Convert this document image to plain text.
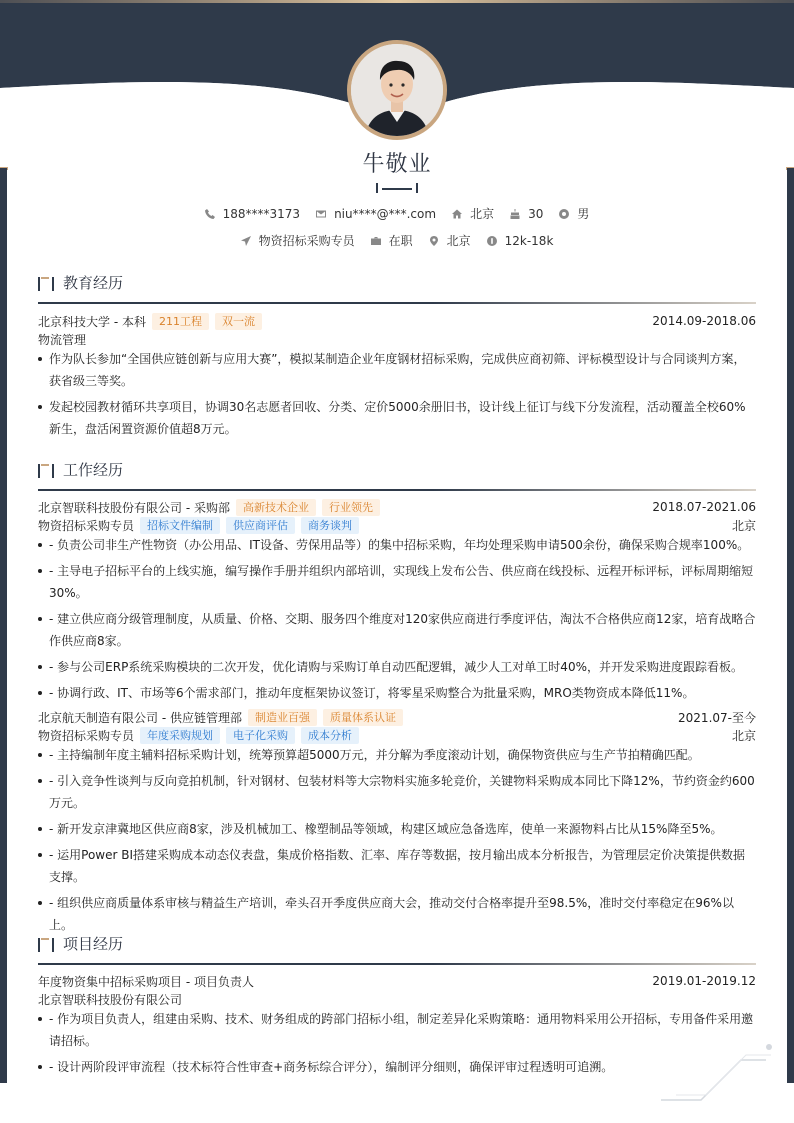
牛敬业
188****3173	niu****@***.com	北京	30	男
物资招标采购专员	在职	北京	12k-18k
教育经历
北京科技大学 - 本科	211工程	双一流	2014.09-2018.06
物流管理
作为队长参加“全国供应链创新与应用大赛”，模拟某制造企业年度钢材招标采购，完成供应商初筛、评标模型设计与合同谈判方案，获省级三等奖。
发起校园教材循环共享项目，协调30名志愿者回收、分类、定价5000余册旧书，设计线上征订与线下分发流程，活动覆盖全校60%新生，盘活闲置资源价值超8万元。
工作经历
北京智联科技股份有限公司 - 采购部	高新技术企业	行业领先	2018.07-2021.06
物资招标采购专员	招标文件编制	供应商评估	商务谈判	北京
- 负责公司非生产性物资（办公用品、IT设备、劳保用品等）的集中招标采购，年均处理采购申请500余份，确保采购合规率100%。
- 主导电子招标平台的上线实施，编写操作手册并组织内部培训，实现线上发布公告、供应商在线投标、远程开标评标，评标周期缩短30%。
- 建立供应商分级管理制度，从质量、价格、交期、服务四个维度对120家供应商进行季度评估，淘汰不合格供应商12家，培育战略合作供应商8家。
- 参与公司ERP系统采购模块的二次开发，优化请购与采购订单自动匹配逻辑，减少人工对单工时40%，并开发采购进度跟踪看板。
- 协调行政、IT、市场等6个需求部门，推动年度框架协议签订，将零星采购整合为批量采购，MRO类物资成本降低11%。
北京航天制造有限公司 - 供应链管理部	制造业百强	质量体系认证	2021.07-至今
物资招标采购专员	年度采购规划	电子化采购	成本分析	北京
- 主持编制年度主辅料招标采购计划，统筹预算超5000万元，并分解为季度滚动计划，确保物资供应与生产节拍精确匹配。
- 引入竞争性谈判与反向竞拍机制，针对钢材、包装材料等大宗物料实施多轮竞价，关键物料采购成本同比下降12%，节约资金约600万元。
- 新开发京津冀地区供应商8家，涉及机械加工、橡塑制品等领域，构建区域应急备选库，使单一来源物料占比从15%降至5%。
- 运用Power BI搭建采购成本动态仪表盘，集成价格指数、汇率、库存等数据，按月输出成本分析报告，为管理层定价决策提供数据支撑。
- 组织供应商质量体系审核与精益生产培训，牵头召开季度供应商大会，推动交付合格率提升至98.5%，准时交付率稳定在96%以上。
项目经历
年度物资集中招标采购项目 - 项目负责人	2019.01-2019.12
北京智联科技股份有限公司
- 作为项目负责人，组建由采购、技术、财务组成的跨部门招标小组，制定差异化采购策略：通用物料采用公开招标，专用备件采用邀请招标。
- 设计两阶段评审流程（技术标符合性审查+商务标综合评分），编制评分细则，确保评审过程透明可追溯。
